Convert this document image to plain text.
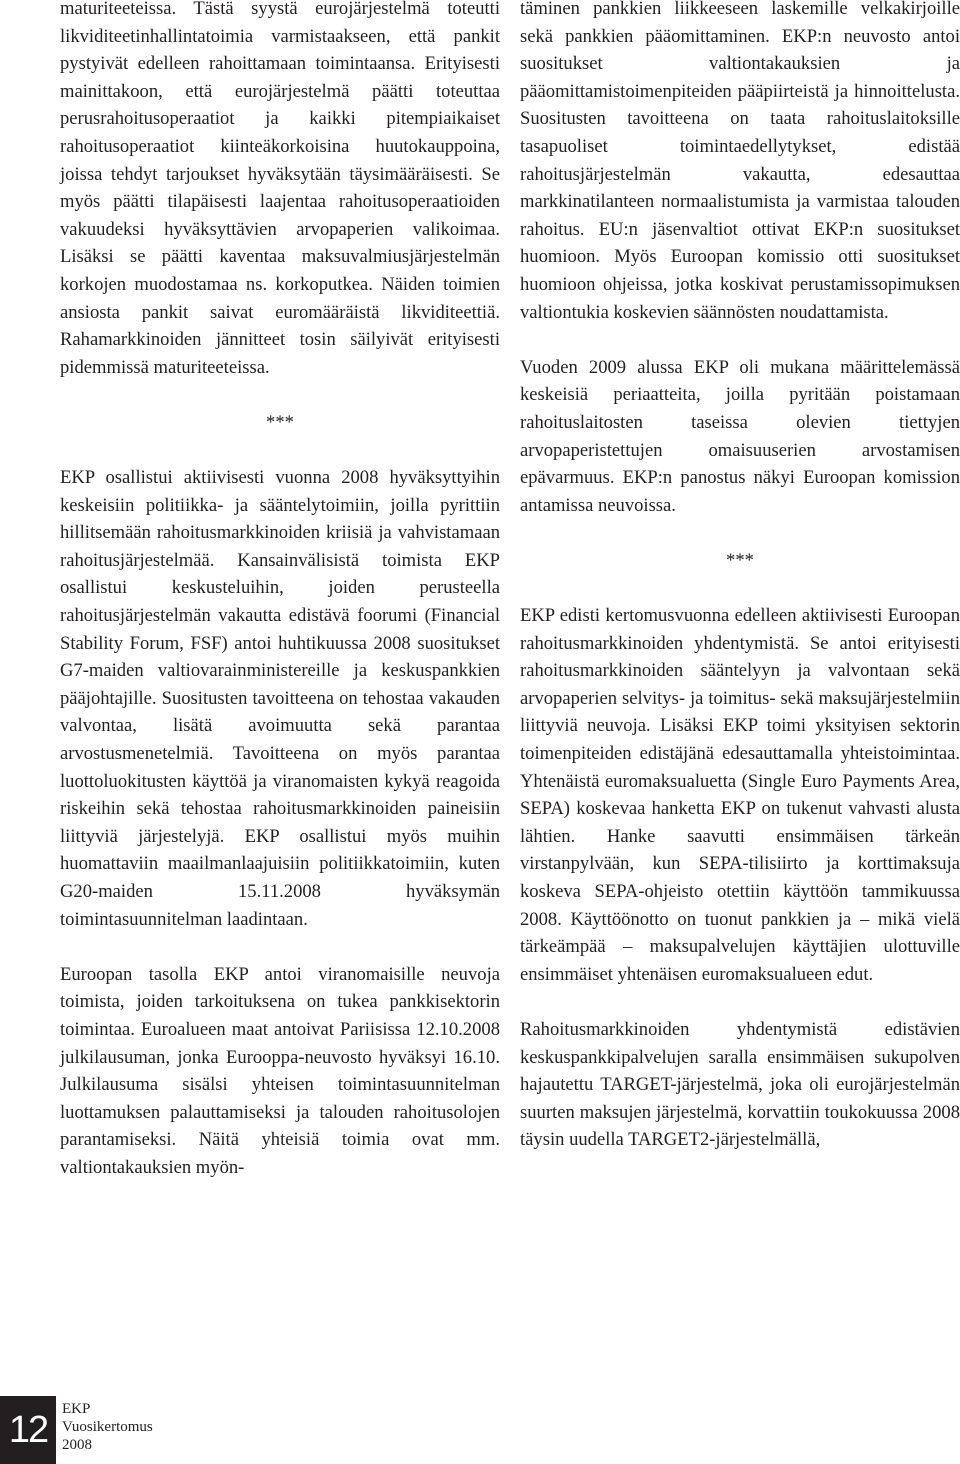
maturiteeteissa. Tästä syystä eurojärjestelmä toteutti likviditeetinhallintatoimia varmistaakseen, että pankit pystyivät edelleen rahoittamaan toimintaansa. Erityisesti mainittakoon, että eurojärjestelmä päätti toteuttaa perusrahoitusoperaatiot ja kaikki pitempiaikaiset rahoitusoperaatiot kiinteäkorkoisina huutokauppoina, joissa tehdyt tarjoukset hyväksytään täysimääräisesti. Se myös päätti tilapäisesti laajentaa rahoitusoperaatioiden vakuudeksi hyväksyttävien arvopaperien valikoimaa. Lisäksi se päätti kaventaa maksuvalmiusjärjestelmän korkojen muodostamaa ns. korkoputkea. Näiden toimien ansiosta pankit saivat euromääräistä likviditeettiä. Rahamarkkinoiden jännitteet tosin säilyivät erityisesti pidemmissä maturiteeteissa.

***

EKP osallistui aktiivisesti vuonna 2008 hyväksyttyihin keskeisiin politiikka- ja sääntelytoimiin, joilla pyrittiin hillitsemään rahoitusmarkkinoiden kriisiä ja vahvistamaan rahoitusjärjestelmää. Kansainvälisistä toimista EKP osallistui keskusteluihin, joiden perusteella rahoitusjärjestelmän vakautta edistävä foorumi (Financial Stability Forum, FSF) antoi huhtikuussa 2008 suositukset G7-maiden valtiovarainministereille ja keskuspankkien pääjohtajille. Suositusten tavoitteena on tehostaa vakauden valvontaa, lisätä avoimuutta sekä parantaa arvostusmenetelmiä. Tavoitteena on myös parantaa luottoluokitusten käyttöä ja viranomaisten kykyä reagoida riskeihin sekä tehostaa rahoitusmarkkinoiden paineisiin liittyviä järjestelyjä. EKP osallistui myös muihin huomattaviin maailmanlaajuisiin politiikkatoimiin, kuten G20-maiden 15.11.2008 hyväksymän toimintasuunnitelman laadintaan.

Euroopan tasolla EKP antoi viranomaisille neuvoja toimista, joiden tarkoituksena on tukea pankkisektorin toimintaa. Euroalueen maat antoivat Pariisissa 12.10.2008 julkilausuman, jonka Eurooppa-neuvosto hyväksyi 16.10. Julkilausuma sisälsi yhteisen toimintasuunnitelman luottamuksen palauttamiseksi ja talouden rahoitusolojen parantamiseksi. Näitä yhteisiä toimia ovat mm. valtiontakauksien myön-

täminen pankkien liikkeeseen laskemille velkakirjoille sekä pankkien pääomittaminen. EKP:n neuvosto antoi suositukset valtiontakauksien ja pääomittamistoimenpiteiden pääpiirteistä ja hinnoittelusta. Suositusten tavoitteena on taata rahoituslaitoksille tasapuoliset toimintaedellytykset, edistää rahoitusjärjestelmän vakautta, edesauttaa markkinatilanteen normaalistumista ja varmistaa talouden rahoitus. EU:n jäsenvaltiot ottivat EKP:n suositukset huomioon. Myös Euroopan komissio otti suositukset huomioon ohjeissa, jotka koskivat perustamissopimuksen valtiontukia koskevien säännösten noudattamista.

Vuoden 2009 alussa EKP oli mukana määrittelemässä keskeisiä periaatteita, joilla pyritään poistamaan rahoituslaitosten taseissa olevien tiettyjen arvopaperistettujen omaisuuserien arvostamisen epävarmuus. EKP:n panostus näkyi Euroopan komission antamissa neuvoissa.

***

EKP edisti kertomusvuonna edelleen aktiivisesti Euroopan rahoitusmarkkinoiden yhdentymistä. Se antoi erityisesti rahoitusmarkkinoiden sääntelyyn ja valvontaan sekä arvopaperien selvitys- ja toimitus- sekä maksujärjestelmiin liittyviä neuvoja. Lisäksi EKP toimi yksityisen sektorin toimenpiteiden edistäjänä edesauttamalla yhteistoimintaa. Yhtenäistä euromaksualuetta (Single Euro Payments Area, SEPA) koskevaa hanketta EKP on tukenut vahvasti alusta lähtien. Hanke saavutti ensimmäisen tärkeän virstanpylvään, kun SEPA-tilisiirto ja korttimaksuja koskeva SEPA-ohjeisto otettiin käyttöön tammikuussa 2008. Käyttöönotto on tuonut pankkien ja – mikä vielä tärkeämpää – maksupalvelujen käyttäjien ulottuville ensimmäiset yhtenäisen euromaksualueen edut.

Rahoitusmarkkinoiden yhdentymistä edistävien keskuspankkipalvelujen saralla ensimmäisen sukupolven hajautettu TARGET-järjestelmä, joka oli eurojärjestelmän suurten maksujen järjestelmä, korvattiin toukokuussa 2008 täysin uudella TARGET2-järjestelmällä,

12 EKP
Vuosikertomus
2008
